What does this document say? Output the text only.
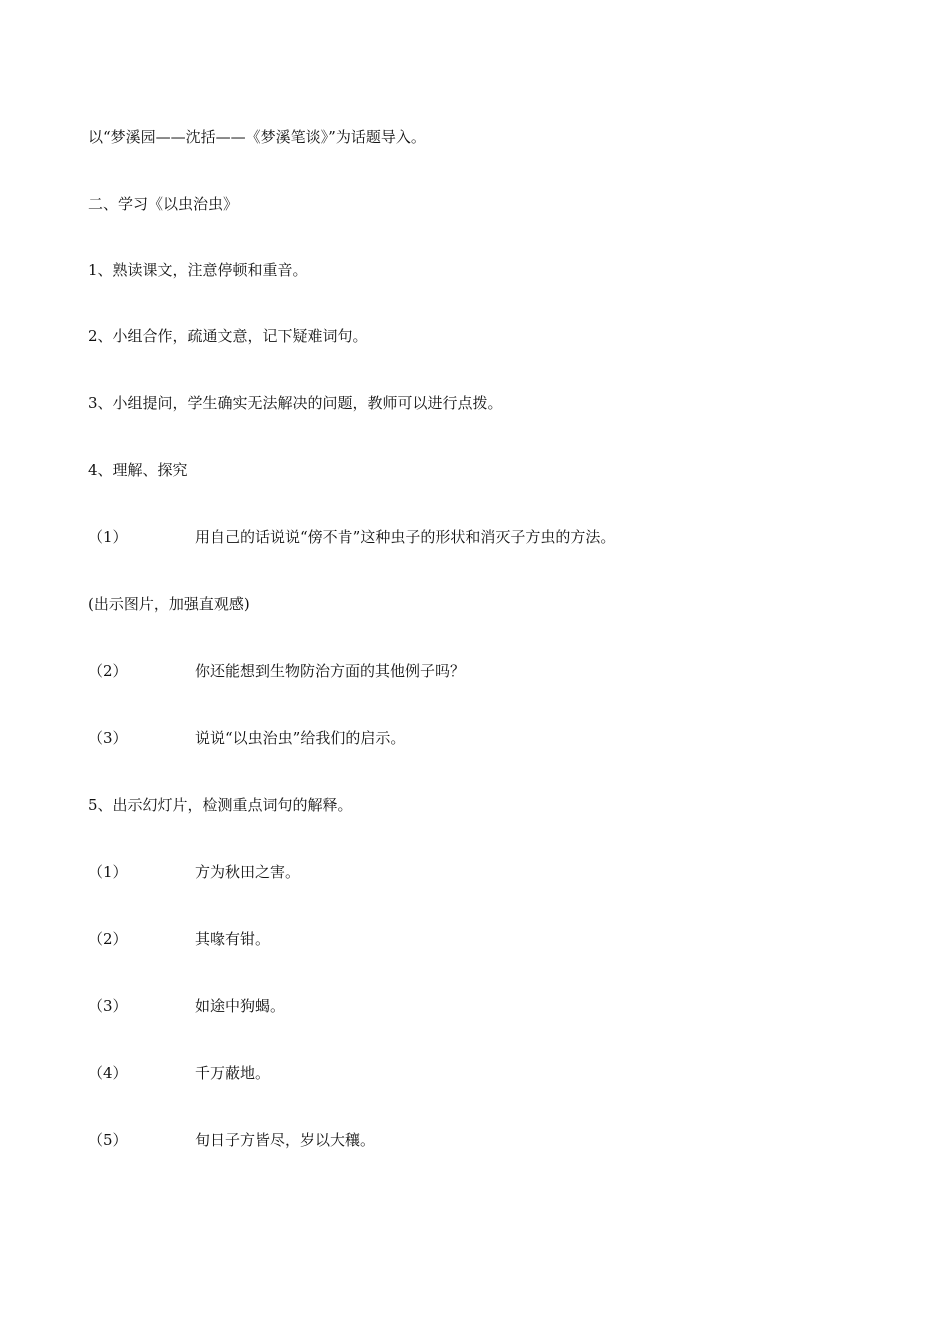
以“梦溪园——沈括——《梦溪笔谈》”为话题导入。
二、学习《以虫治虫》
1、熟读课文，注意停顿和重音。
2、小组合作，疏通文意，记下疑难词句。
3、小组提问，学生确实无法解决的问题，教师可以进行点拨。
4、理解、探究
（1）	用自己的话说说“傍不肯”这种虫子的形状和消灭子方虫的方法。
(出示图片，加强直观感)
（2）	你还能想到生物防治方面的其他例子吗？
（3）	说说“以虫治虫”给我们的启示。
5、出示幻灯片，检测重点词句的解释。
（1）	方为秋田之害。
（2）	其喙有钳。
（3）	如途中狗蝎。
（4）	千万蔽地。
（5）	旬日子方皆尽，岁以大穰。
